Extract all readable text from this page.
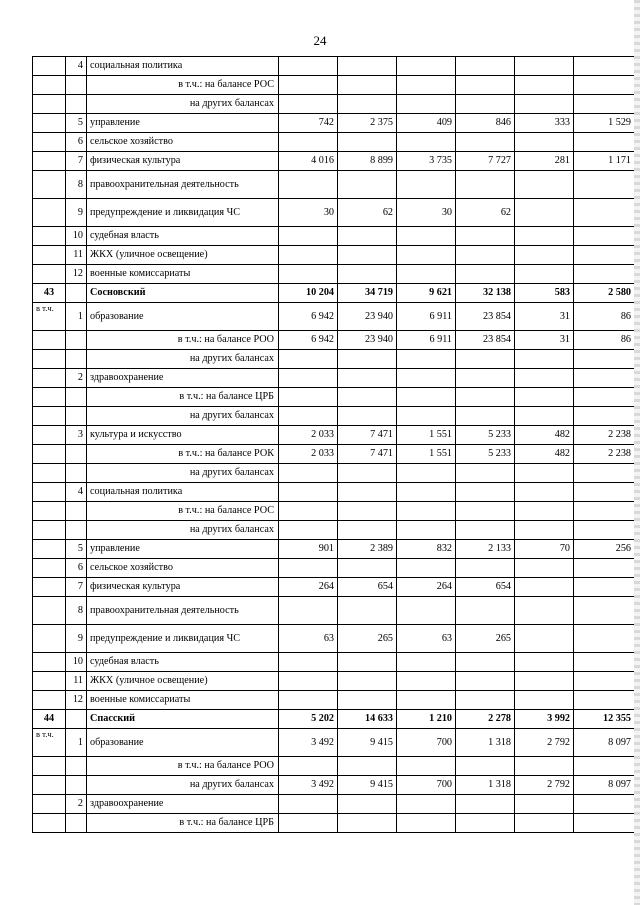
24
	4	социальная политика						
		в т.ч.: на балансе РОС						
		на других балансах						
	5	управление	742	2 375	409	846	333	1 529
	6	сельское хозяйство						
	7	физическая культура	4 016	8 899	3 735	7 727	281	1 171
	8	правоохранительная деятельность						
	9	предупреждение и ликвидация ЧС	30	62	30	62		
	10	судебная власть						
	11	ЖКХ (уличное освещение)						
	12	военные комиссариаты						
43		Сосновский	10 204	34 719	9 621	32 138	583	2 580
в т.ч.	1	образование	6 942	23 940	6 911	23 854	31	86
		в т.ч.: на балансе РОО	6 942	23 940	6 911	23 854	31	86
		на других балансах						
	2	здравоохранение						
		в т.ч.: на балансе ЦРБ						
		на других балансах						
	3	культура и искусство	2 033	7 471	1 551	5 233	482	2 238
		в т.ч.: на балансе РОК	2 033	7 471	1 551	5 233	482	2 238
		на других балансах						
	4	социальная политика						
		в т.ч.: на балансе РОС						
		на других балансах						
	5	управление	901	2 389	832	2 133	70	256
	6	сельское хозяйство						
	7	физическая культура	264	654	264	654		
	8	правоохранительная деятельность						
	9	предупреждение и ликвидация ЧС	63	265	63	265		
	10	судебная власть						
	11	ЖКХ (уличное освещение)						
	12	военные комиссариаты						
44		Спасский	5 202	14 633	1 210	2 278	3 992	12 355
в т.ч.	1	образование	3 492	9 415	700	1 318	2 792	8 097
		в т.ч.: на балансе РОО						
		на других балансах	3 492	9 415	700	1 318	2 792	8 097
	2	здравоохранение						
		в т.ч.: на балансе ЦРБ						
